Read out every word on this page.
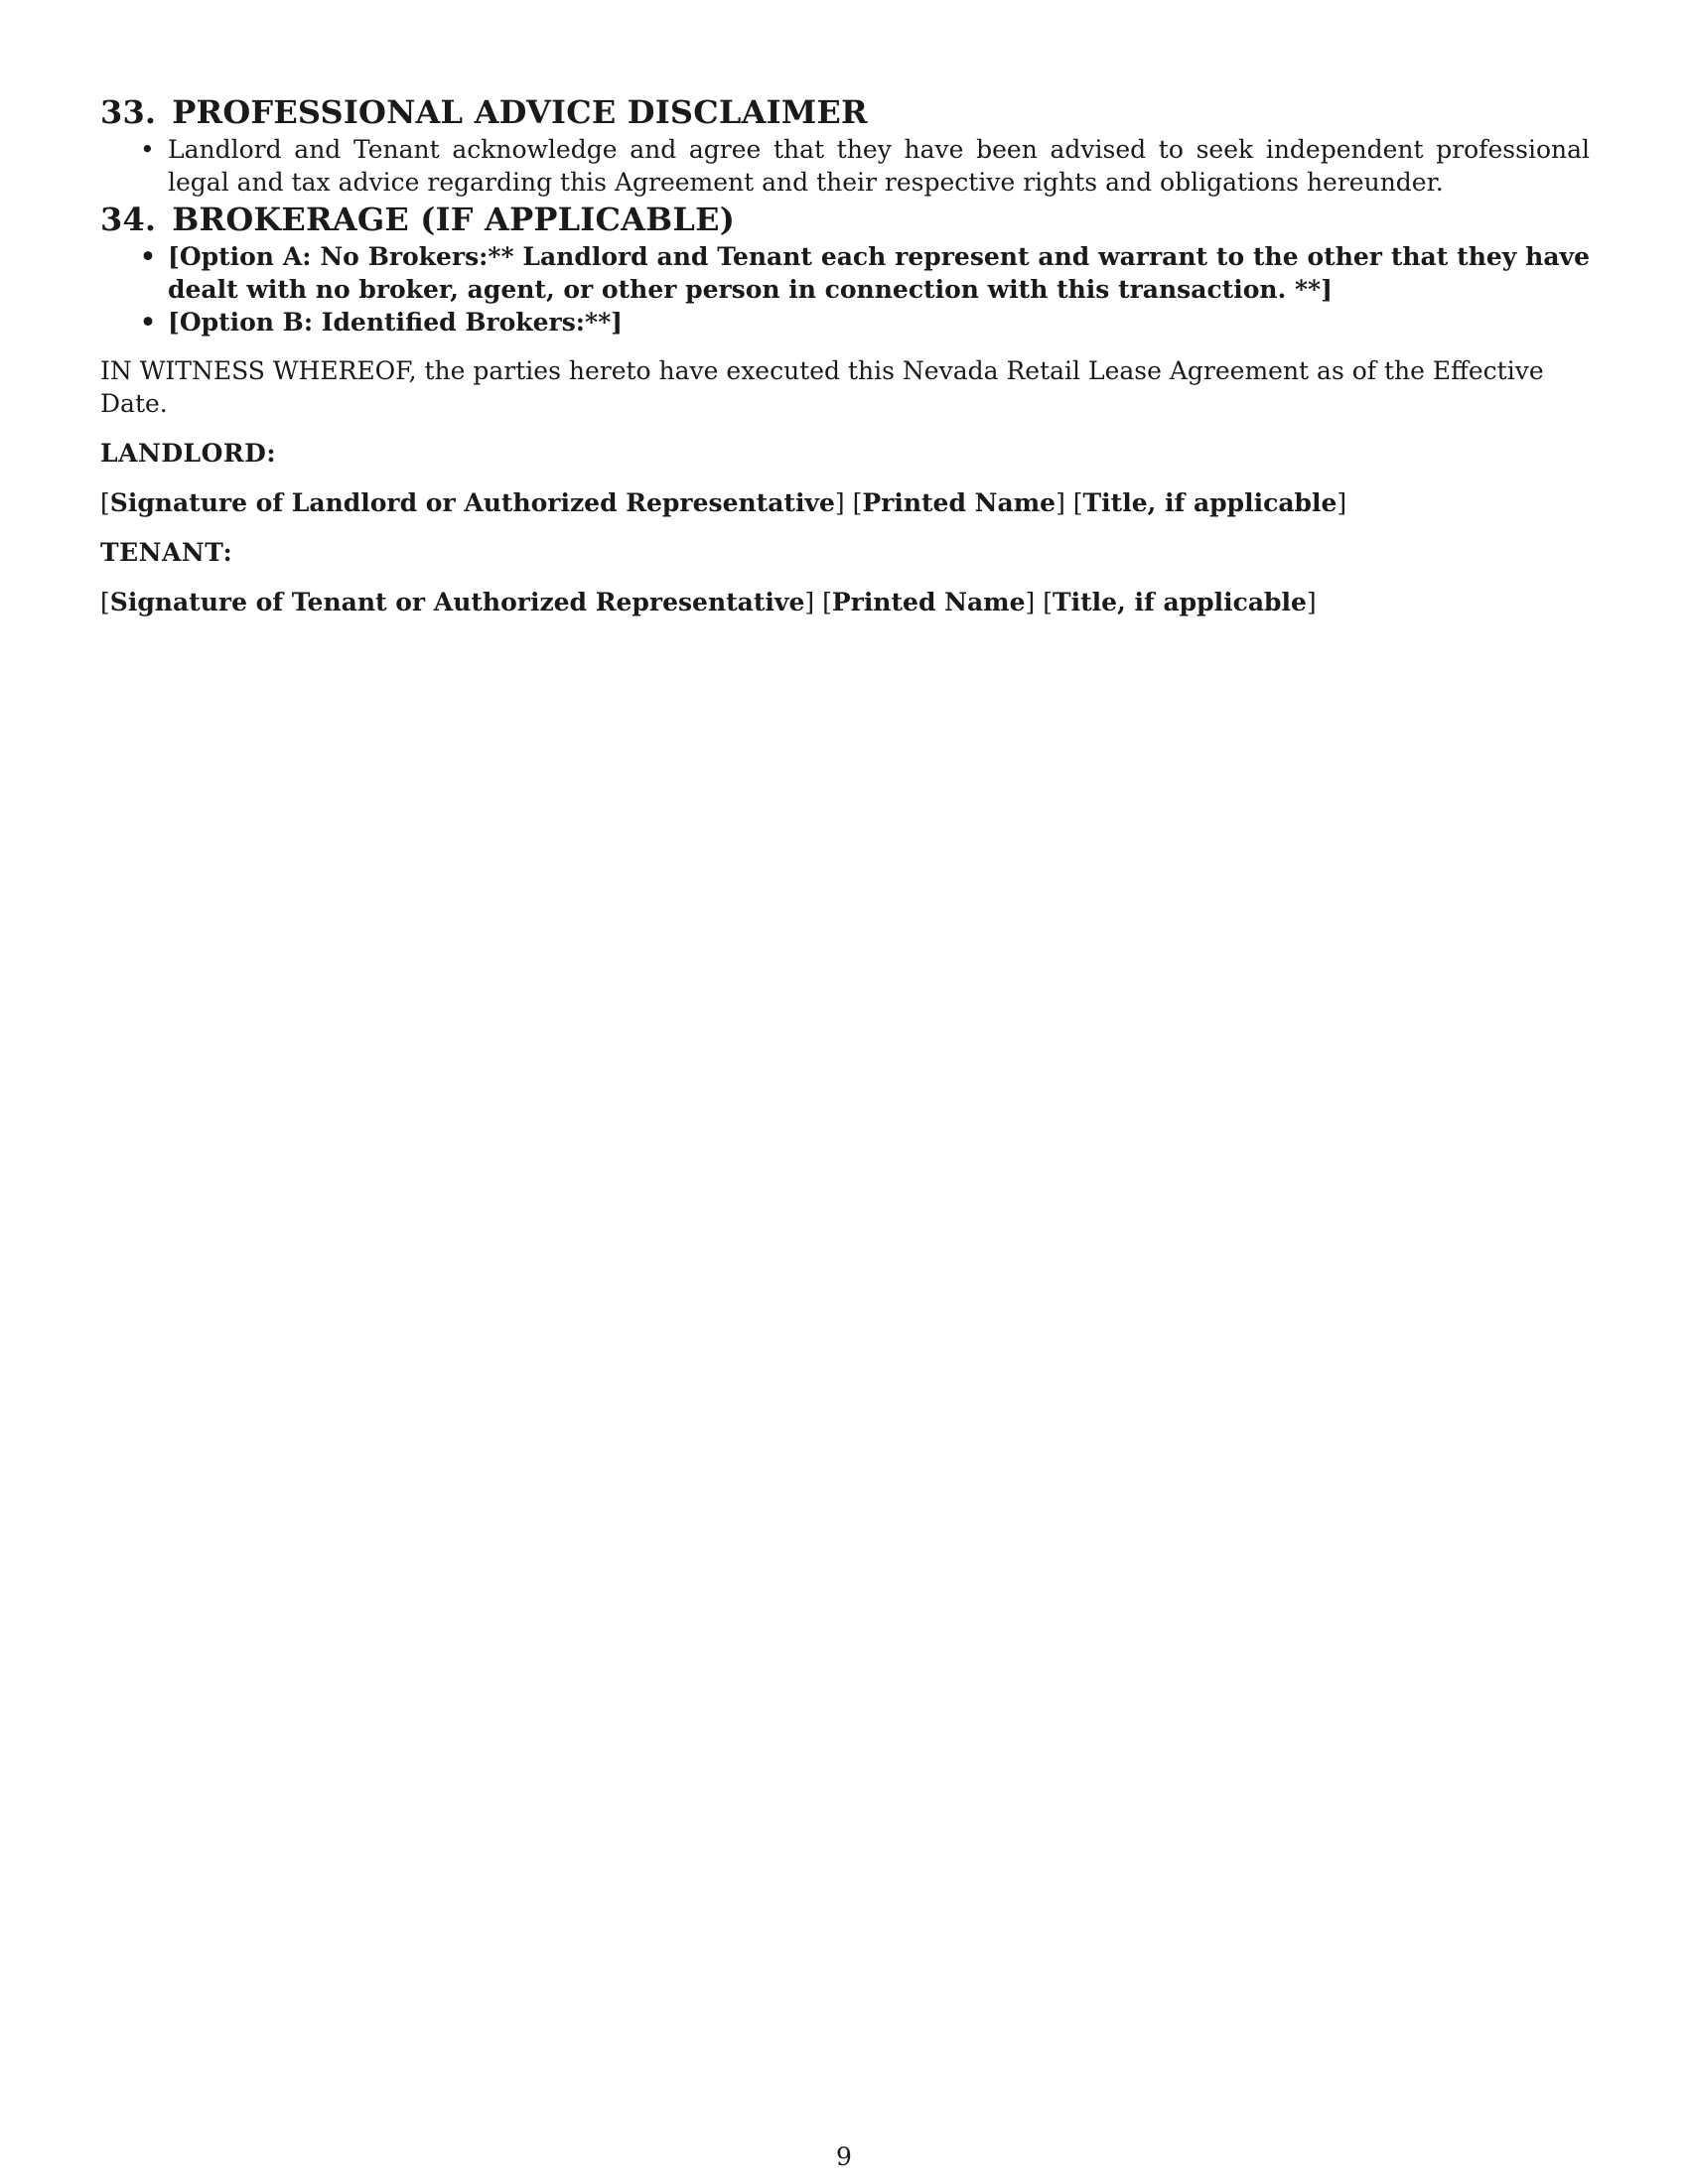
33. PROFESSIONAL ADVICE DISCLAIMER
• Landlord and Tenant acknowledge and agree that they have been advised to seek independent professional legal and tax advice regarding this Agreement and their respective rights and obligations hereunder.
34. BROKERAGE (IF APPLICABLE)
• [Option A: No Brokers:** Landlord and Tenant each represent and warrant to the other that they have dealt with no broker, agent, or other person in connection with this transaction. **]
• [Option B: Identified Brokers:**]
IN WITNESS WHEREOF, the parties hereto have executed this Nevada Retail Lease Agreement as of the Effective Date.
LANDLORD:
[Signature of Landlord or Authorized Representative] [Printed Name] [Title, if applicable]
TENANT:
[Signature of Tenant or Authorized Representative] [Printed Name] [Title, if applicable]
9
